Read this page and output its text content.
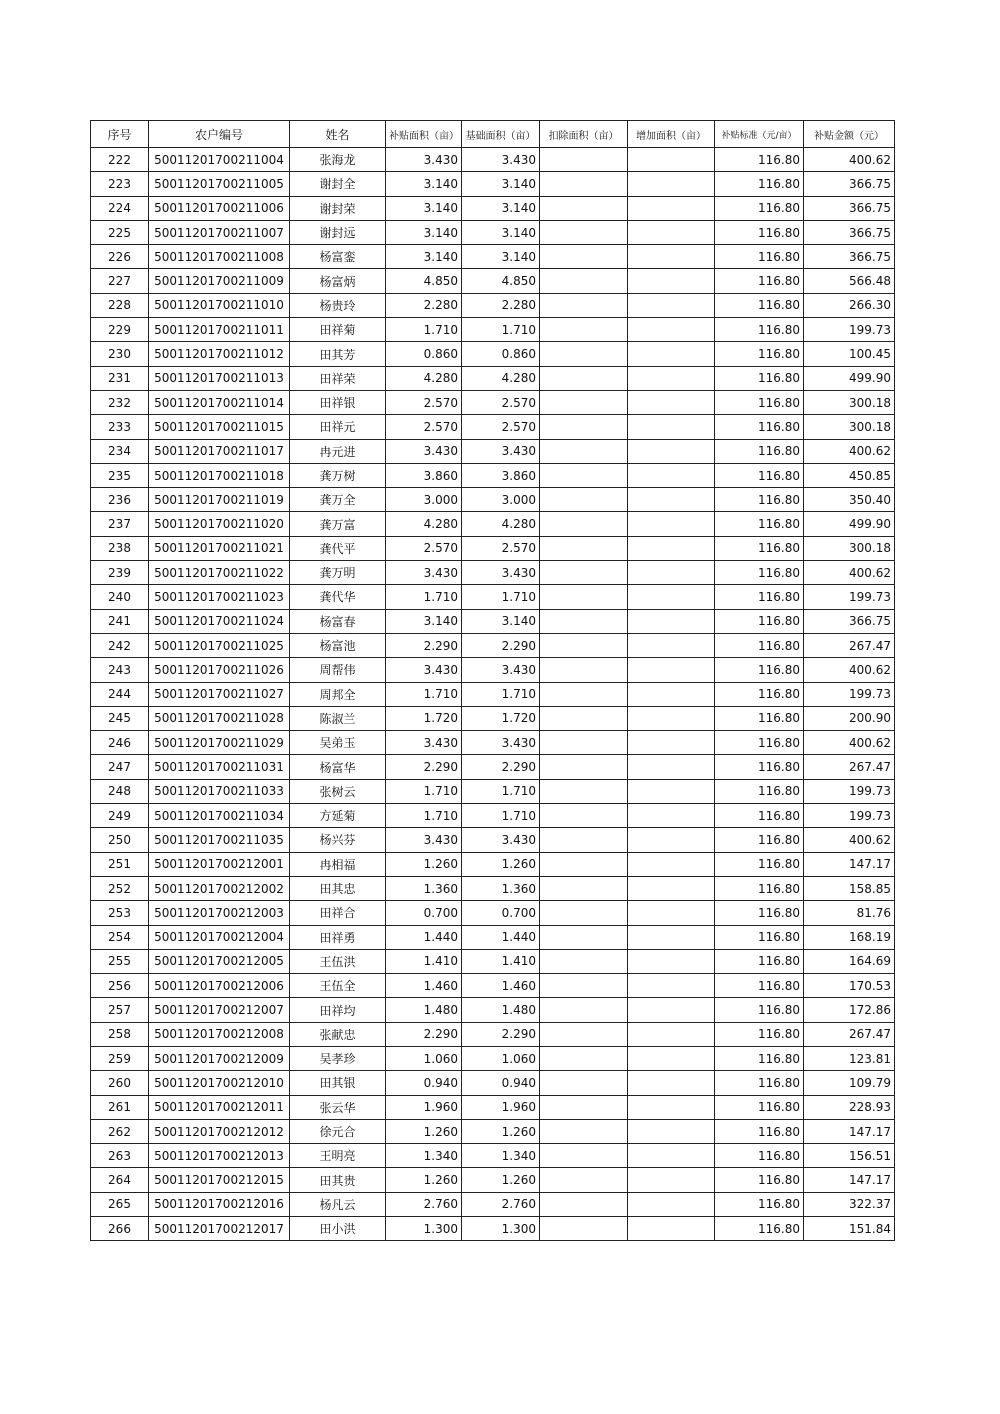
序号	农户编号	姓名	补贴面积（亩）	基础面积（亩）	扣除面积（亩）	增加面积（亩）	补贴标准（元/亩）	补贴金额（元）
222	50011201700211004	张海龙	3.430	3.430			116.80	400.62
223	50011201700211005	谢封全	3.140	3.140			116.80	366.75
224	50011201700211006	谢封荣	3.140	3.140			116.80	366.75
225	50011201700211007	谢封远	3.140	3.140			116.80	366.75
226	50011201700211008	杨富銮	3.140	3.140			116.80	366.75
227	50011201700211009	杨富炳	4.850	4.850			116.80	566.48
228	50011201700211010	杨贵玲	2.280	2.280			116.80	266.30
229	50011201700211011	田祥菊	1.710	1.710			116.80	199.73
230	50011201700211012	田其芳	0.860	0.860			116.80	100.45
231	50011201700211013	田祥荣	4.280	4.280			116.80	499.90
232	50011201700211014	田祥银	2.570	2.570			116.80	300.18
233	50011201700211015	田祥元	2.570	2.570			116.80	300.18
234	50011201700211017	冉元进	3.430	3.430			116.80	400.62
235	50011201700211018	龚万树	3.860	3.860			116.80	450.85
236	50011201700211019	龚万全	3.000	3.000			116.80	350.40
237	50011201700211020	龚万富	4.280	4.280			116.80	499.90
238	50011201700211021	龚代平	2.570	2.570			116.80	300.18
239	50011201700211022	龚万明	3.430	3.430			116.80	400.62
240	50011201700211023	龚代华	1.710	1.710			116.80	199.73
241	50011201700211024	杨富春	3.140	3.140			116.80	366.75
242	50011201700211025	杨富池	2.290	2.290			116.80	267.47
243	50011201700211026	周帮伟	3.430	3.430			116.80	400.62
244	50011201700211027	周邦全	1.710	1.710			116.80	199.73
245	50011201700211028	陈淑兰	1.720	1.720			116.80	200.90
246	50011201700211029	吴弟玉	3.430	3.430			116.80	400.62
247	50011201700211031	杨富华	2.290	2.290			116.80	267.47
248	50011201700211033	张树云	1.710	1.710			116.80	199.73
249	50011201700211034	方延菊	1.710	1.710			116.80	199.73
250	50011201700211035	杨兴芬	3.430	3.430			116.80	400.62
251	50011201700212001	冉相福	1.260	1.260			116.80	147.17
252	50011201700212002	田其忠	1.360	1.360			116.80	158.85
253	50011201700212003	田祥合	0.700	0.700			116.80	81.76
254	50011201700212004	田祥勇	1.440	1.440			116.80	168.19
255	50011201700212005	王伍洪	1.410	1.410			116.80	164.69
256	50011201700212006	王伍全	1.460	1.460			116.80	170.53
257	50011201700212007	田祥均	1.480	1.480			116.80	172.86
258	50011201700212008	张献忠	2.290	2.290			116.80	267.47
259	50011201700212009	吴孝珍	1.060	1.060			116.80	123.81
260	50011201700212010	田其银	0.940	0.940			116.80	109.79
261	50011201700212011	张云华	1.960	1.960			116.80	228.93
262	50011201700212012	徐元合	1.260	1.260			116.80	147.17
263	50011201700212013	王明亮	1.340	1.340			116.80	156.51
264	50011201700212015	田其贵	1.260	1.260			116.80	147.17
265	50011201700212016	杨凡云	2.760	2.760			116.80	322.37
266	50011201700212017	田小洪	1.300	1.300			116.80	151.84
